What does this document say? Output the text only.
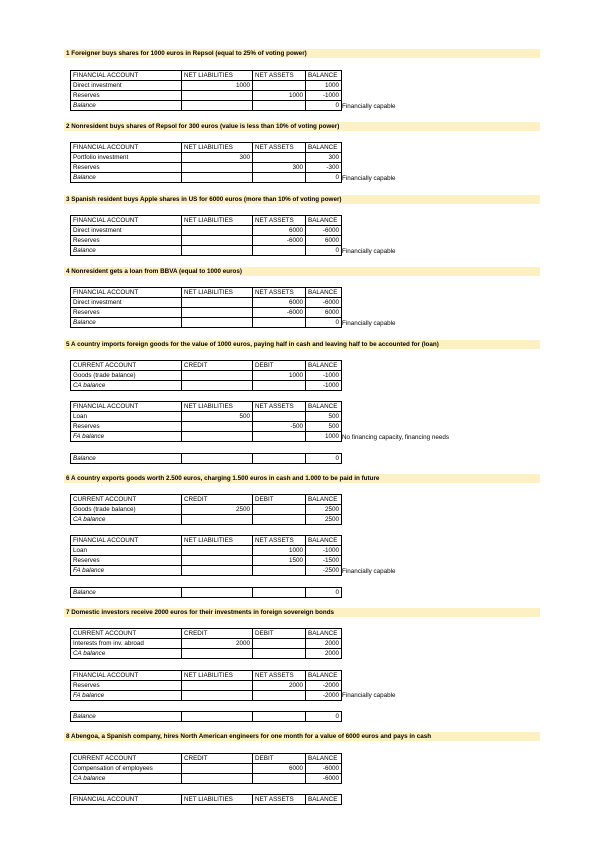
1 Foreigner buys shares for 1000 euros in Repsol (equal to 25% of voting power)
FINANCIAL ACCOUNT	NET LIABILITIES	NET ASSETS	BALANCE
Direct investment	1000		1000
Reserves		1000	-1000
Balance			0 Financially capable
2 Nonresident buys shares of Repsol for 300 euros (value is less than 10% of voting power)
FINANCIAL ACCOUNT	NET LIABILITIES	NET ASSETS	BALANCE
Portfolio investment	300		300
Reserves		300	-300
Balance			0 Financially capable
3 Spanish resident buys Apple shares in US for 6000 euros (more than 10% of voting power)
FINANCIAL ACCOUNT	NET LIABILITIES	NET ASSETS	BALANCE
Direct investment		6000	-6000
Reserves		-6000	6000
Balance			0 Financially capable
4 Nonresident gets a loan from BBVA (equal to 1000 euros)
FINANCIAL ACCOUNT	NET LIABILITIES	NET ASSETS	BALANCE
Direct investment		6000	-6000
Reserves		-6000	6000
Balance			0 Financially capable
5 A country imports foreign goods for the value of 1000 euros, paying half in cash and leaving half to be accounted for (loan)
CURRENT ACCOUNT	CREDIT	DEBIT	BALANCE
Goods (trade balance)		1000	-1000
CA balance			-1000
FINANCIAL ACCOUNT	NET LIABILITIES	NET ASSETS	BALANCE
Loan	500		500
Reserves		-500	500
FA balance			1000 No financing capacity, financing needs
Balance			0
6 A country exports goods worth 2.500 euros, charging 1.500 euros in cash and 1.000 to be paid in future
CURRENT ACCOUNT	CREDIT	DEBIT	BALANCE
Goods (trade balance)	2500		2500
CA balance			2500
FINANCIAL ACCOUNT	NET LIABILITIES	NET ASSETS	BALANCE
Loan		1000	-1000
Reserves		1500	-1500
FA balance			-2500 Financially capable
Balance			0
7 Domestic investors receive 2000 euros for their investments in foreign sovereign bonds
CURRENT ACCOUNT	CREDIT	DEBIT	BALANCE
Interests from inv. abroad	2000		2000
CA balance			2000
FINANCIAL ACCOUNT	NET LIABILITIES	NET ASSETS	BALANCE
Reserves		2000	-2000
FA balance			-2000 Financially capable
Balance			0
8 Abengoa, a Spanish company, hires North American engineers for one month for a value of 6000 euros and pays in cash
CURRENT ACCOUNT	CREDIT	DEBIT	BALANCE
Compensation of employees		6000	-6000
CA balance			-6000
FINANCIAL ACCOUNT	NET LIABILITIES	NET ASSETS	BALANCE
